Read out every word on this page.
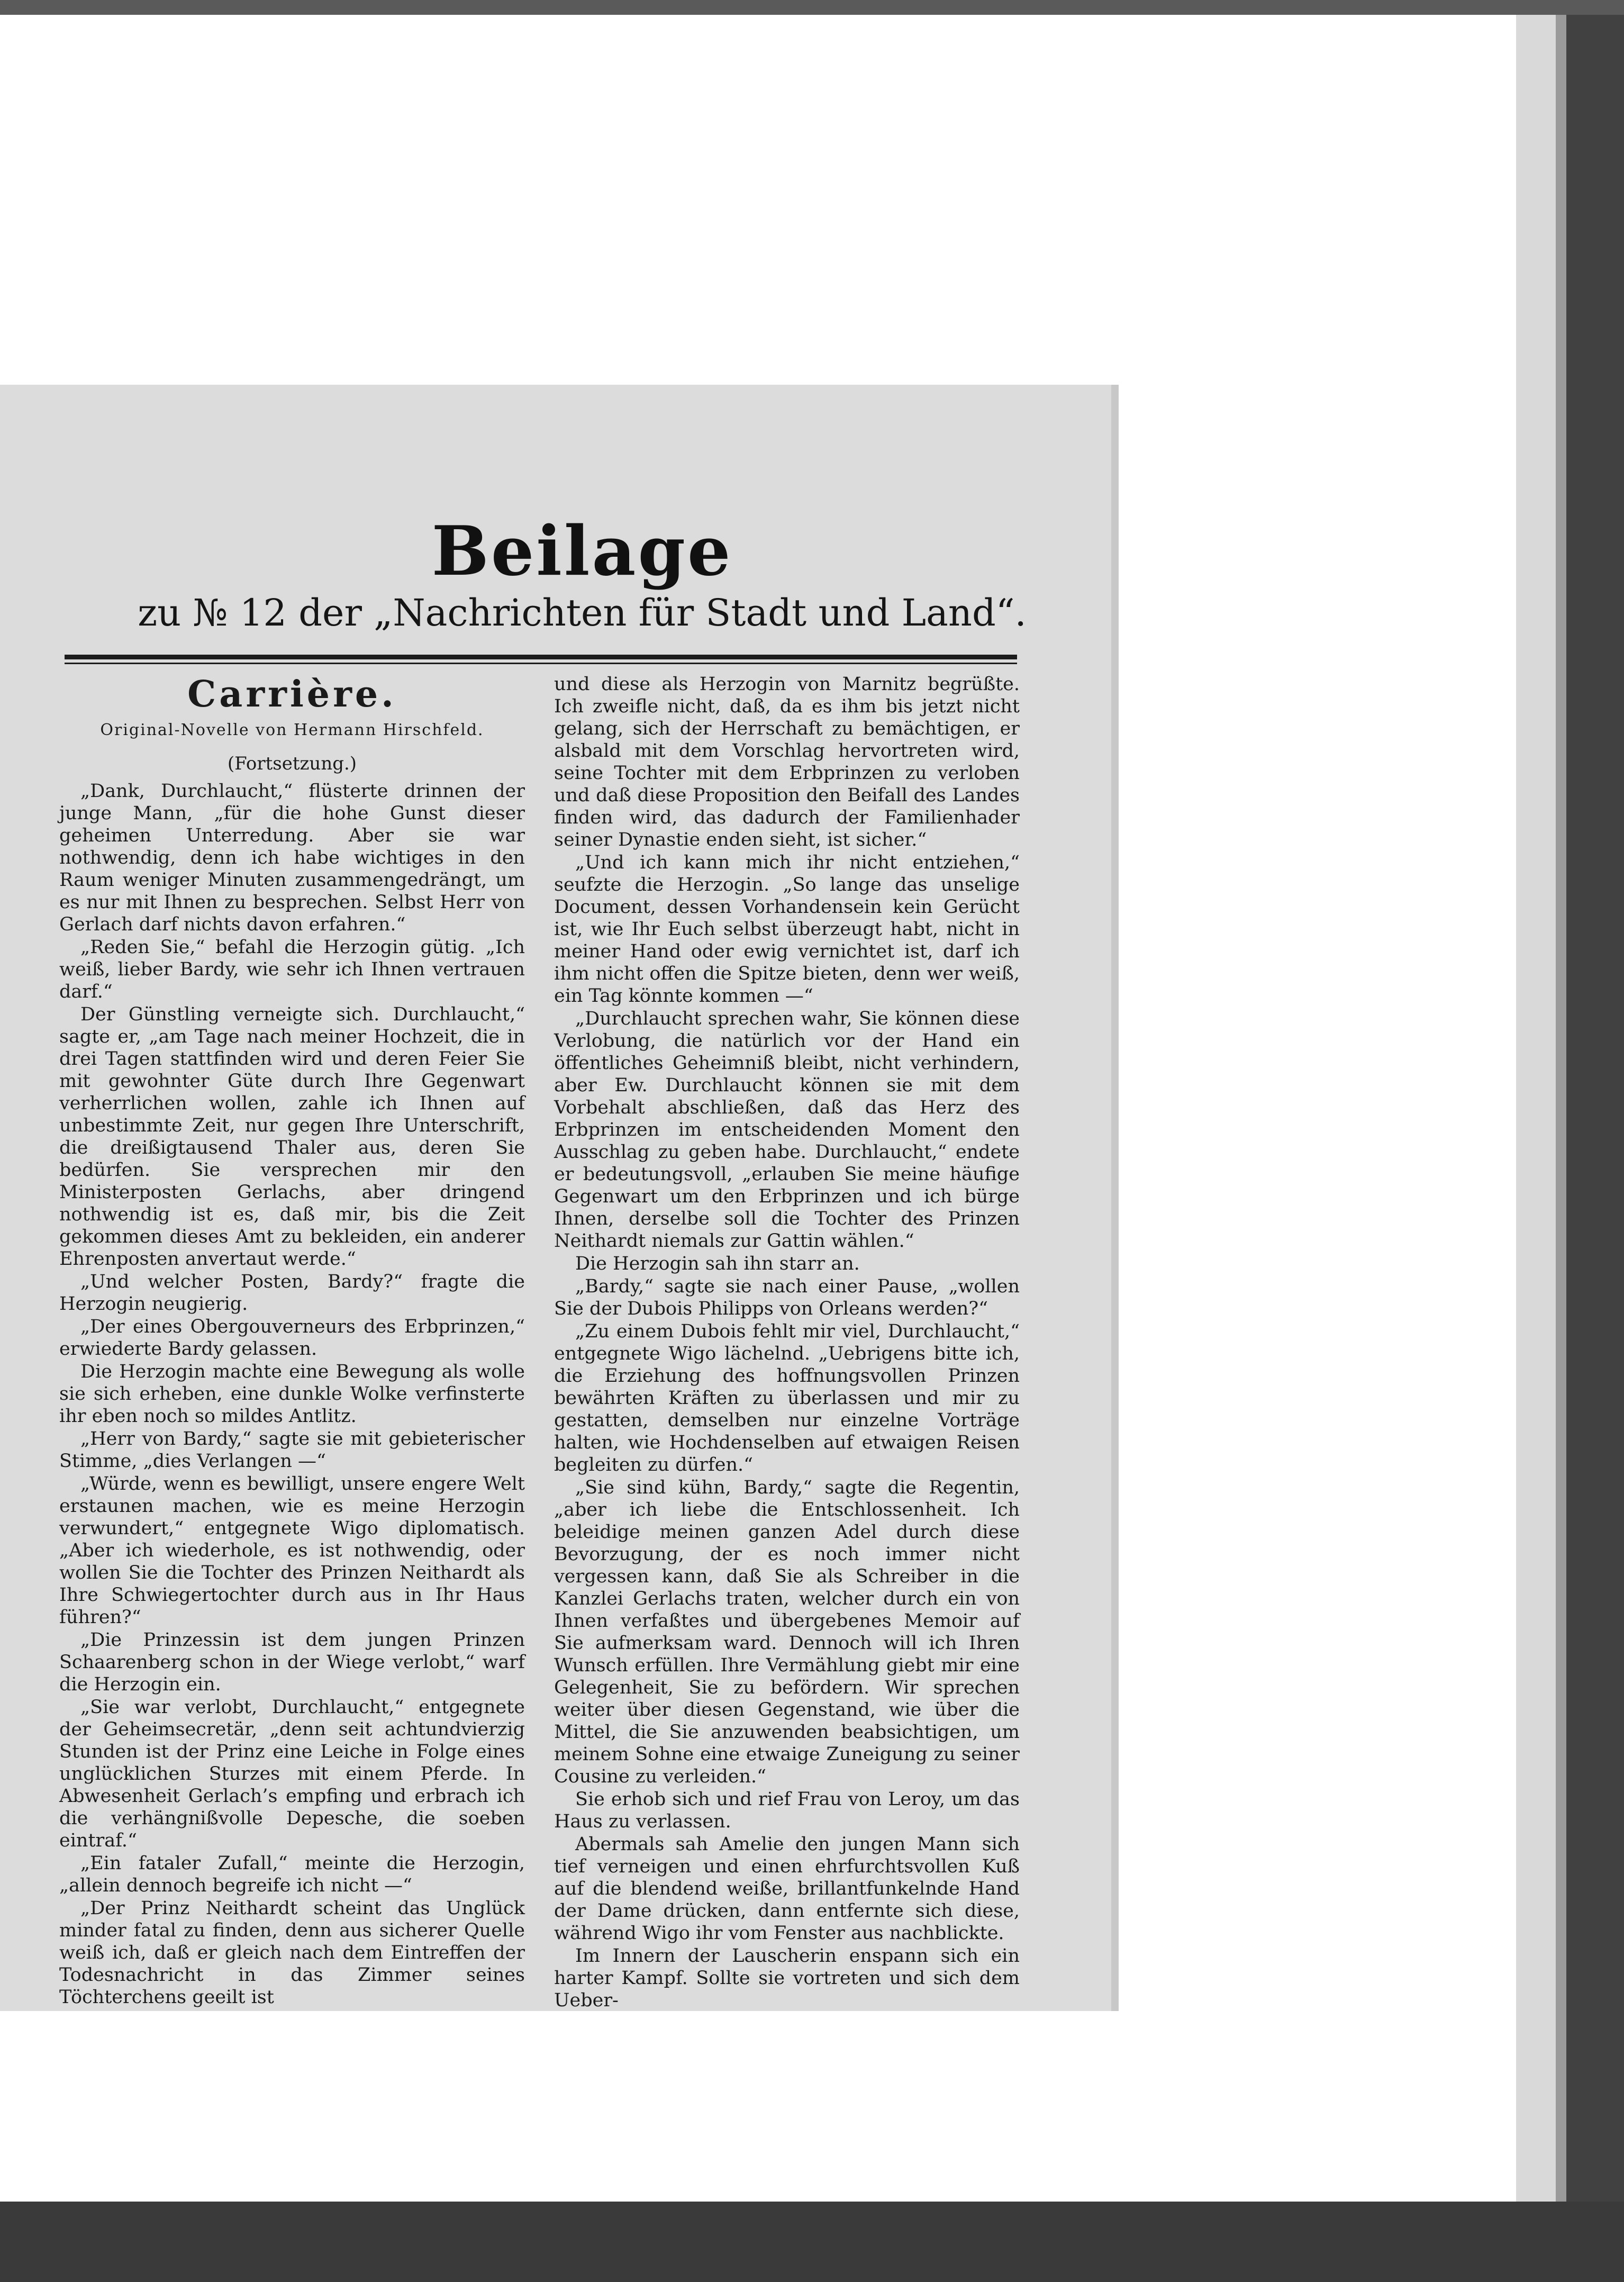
Beilage
zu № 12 der „Nachrichten für Stadt und Land“.
Carrière.
Original-Novelle von Hermann Hirschfeld.
(Fortsetzung.)

„Dank, Durchlaucht,“ flüsterte drinnen der junge Mann, „für die hohe Gunst dieser geheimen Unterredung. Aber sie war nothwendig, denn ich habe wichtiges in den Raum weniger Minuten zusammengedrängt, um es nur mit Ihnen zu besprechen. Selbst Herr von Gerlach darf nichts davon erfahren.“

„Reden Sie,“ befahl die Herzogin gütig. „Ich weiß, lieber Bardy, wie sehr ich Ihnen vertrauen darf.“

Der Günstling verneigte sich. Durchlaucht,“ sagte er, „am Tage nach meiner Hochzeit, die in drei Tagen stattfinden wird und deren Feier Sie mit gewohnter Güte durch Ihre Gegenwart verherrlichen wollen, zahle ich Ihnen auf unbestimmte Zeit, nur gegen Ihre Unterschrift, die dreißigtausend Thaler aus, deren Sie bedürfen. Sie versprechen mir den Ministerposten Gerlachs, aber dringend nothwendig ist es, daß mir, bis die Zeit gekommen dieses Amt zu bekleiden, ein anderer Ehrenposten anvertaut werde.“

„Und welcher Posten, Bardy?“ fragte die Herzogin neugierig.

„Der eines Obergouverneurs des Erbprinzen,“ erwiederte Bardy gelassen.

Die Herzogin machte eine Bewegung als wolle sie sich erheben, eine dunkle Wolke verfinsterte ihr eben noch so mildes Antlitz.

„Herr von Bardy,“ sagte sie mit gebieterischer Stimme, „dies Verlangen —“

„Würde, wenn es bewilligt, unsere engere Welt erstaunen machen, wie es meine Herzogin verwundert,“ entgegnete Wigo diplomatisch. „Aber ich wiederhole, es ist nothwendig, oder wollen Sie die Tochter des Prinzen Neithardt als Ihre Schwiegertochter durch aus in Ihr Haus führen?“

„Die Prinzessin ist dem jungen Prinzen Schaarenberg schon in der Wiege verlobt,“ warf die Herzogin ein.

„Sie war verlobt, Durchlaucht,“ entgegnete der Geheimsecretär, „denn seit achtundvierzig Stunden ist der Prinz eine Leiche in Folge eines unglücklichen Sturzes mit einem Pferde. In Abwesenheit Gerlach’s empfing und erbrach ich die verhängnißvolle Depesche, die soeben eintraf.“

„Ein fataler Zufall,“ meinte die Herzogin, „allein dennoch begreife ich nicht —“

„Der Prinz Neithardt scheint das Unglück minder fatal zu finden, denn aus sicherer Quelle weiß ich, daß er gleich nach dem Eintreffen der Todesnachricht in das Zimmer seines Töchterchens geeilt ist

und diese als Herzogin von Marnitz begrüßte. Ich zweifle nicht, daß, da es ihm bis jetzt nicht gelang, sich der Herrschaft zu bemächtigen, er alsbald mit dem Vorschlag hervortreten wird, seine Tochter mit dem Erbprinzen zu verloben und daß diese Proposition den Beifall des Landes finden wird, das dadurch der Familienhader seiner Dynastie enden sieht, ist sicher.“

„Und ich kann mich ihr nicht entziehen,“ seufzte die Herzogin. „So lange das unselige Document, dessen Vorhandensein kein Gerücht ist, wie Ihr Euch selbst überzeugt habt, nicht in meiner Hand oder ewig vernichtet ist, darf ich ihm nicht offen die Spitze bieten, denn wer weiß, ein Tag könnte kommen —“

„Durchlaucht sprechen wahr, Sie können diese Verlobung, die natürlich vor der Hand ein öffentliches Geheimniß bleibt, nicht verhindern, aber Ew. Durchlaucht können sie mit dem Vorbehalt abschließen, daß das Herz des Erbprinzen im entscheidenden Moment den Ausschlag zu geben habe. Durchlaucht,“ endete er bedeutungsvoll, „erlauben Sie meine häufige Gegenwart um den Erbprinzen und ich bürge Ihnen, derselbe soll die Tochter des Prinzen Neithardt niemals zur Gattin wählen.“

Die Herzogin sah ihn starr an.

„Bardy,“ sagte sie nach einer Pause, „wollen Sie der Dubois Philipps von Orleans werden?“

„Zu einem Dubois fehlt mir viel, Durchlaucht,“ entgegnete Wigo lächelnd. „Uebrigens bitte ich, die Erziehung des hoffnungsvollen Prinzen bewährten Kräften zu überlassen und mir zu gestatten, demselben nur einzelne Vorträge halten, wie Hochdenselben auf etwaigen Reisen begleiten zu dürfen.“

„Sie sind kühn, Bardy,“ sagte die Regentin, „aber ich liebe die Entschlossenheit. Ich beleidige meinen ganzen Adel durch diese Bevorzugung, der es noch immer nicht vergessen kann, daß Sie als Schreiber in die Kanzlei Gerlachs traten, welcher durch ein von Ihnen verfaßtes und übergebenes Memoir auf Sie aufmerksam ward. Dennoch will ich Ihren Wunsch erfüllen. Ihre Vermählung giebt mir eine Gelegenheit, Sie zu befördern. Wir sprechen weiter über diesen Gegenstand, wie über die Mittel, die Sie anzuwenden beabsichtigen, um meinem Sohne eine etwaige Zuneigung zu seiner Cousine zu verleiden.“

Sie erhob sich und rief Frau von Leroy, um das Haus zu verlassen.

Abermals sah Amelie den jungen Mann sich tief verneigen und einen ehrfurchtsvollen Kuß auf die blendend weiße, brillantfunkelnde Hand der Dame drücken, dann entfernte sich diese, während Wigo ihr vom Fenster aus nachblickte.

Im Innern der Lauscherin enspann sich ein harter Kampf. Sollte sie vortreten und sich dem Ueber-
